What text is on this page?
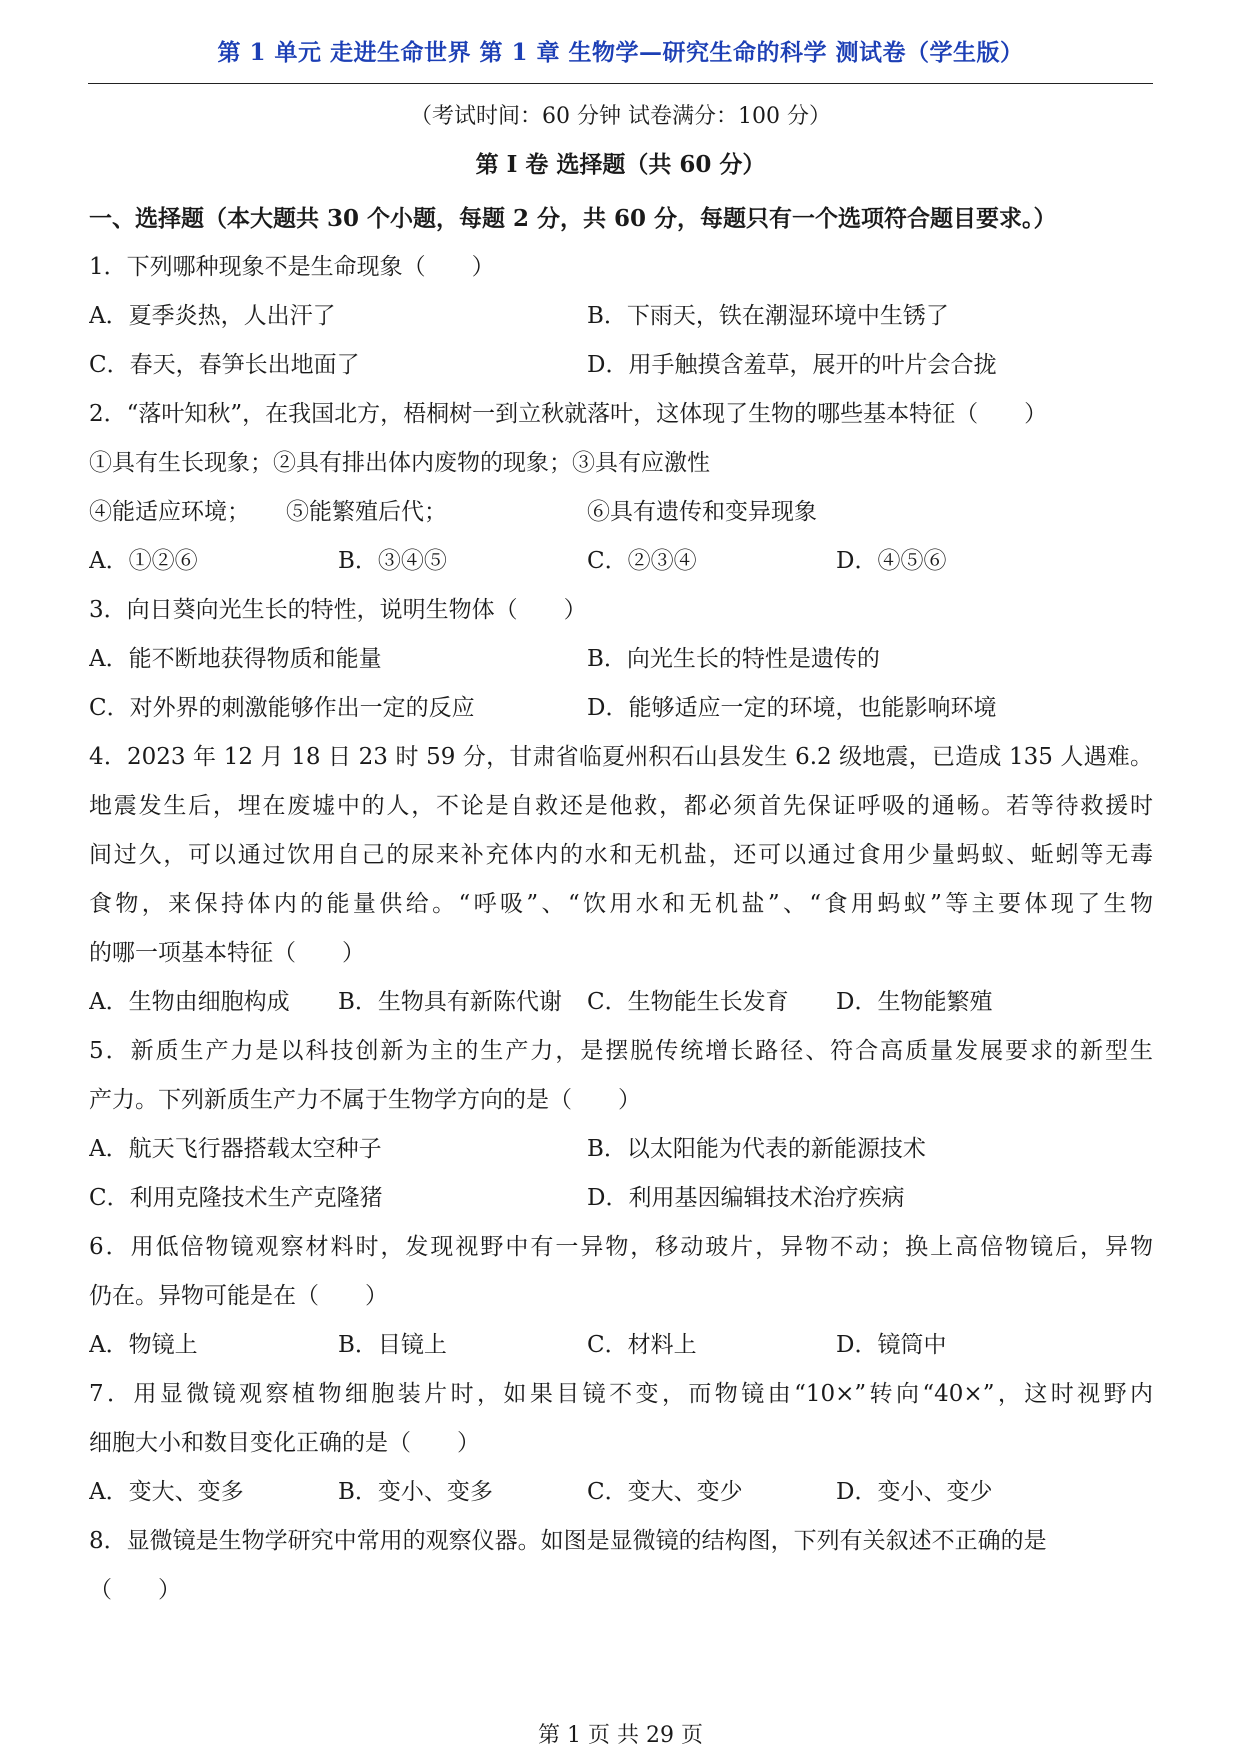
第 1 单元 走进生命世界 第 1 章 生物学—研究生命的科学 测试卷（学生版）
（考试时间：60 分钟 试卷满分：100 分）
第 I 卷 选择题（共 60 分）
一、选择题（本大题共 30 个小题，每题 2 分，共 60 分，每题只有一个选项符合题目要求。）
1．下列哪种现象不是生命现象（　　）
A．夏季炎热，人出汗了	B．下雨天，铁在潮湿环境中生锈了
C．春天，春笋长出地面了	D．用手触摸含羞草，展开的叶片会合拢
2．“落叶知秋”，在我国北方，梧桐树一到立秋就落叶，这体现了生物的哪些基本特征（　　）
①具有生长现象；②具有排出体内废物的现象；③具有应激性
④能适应环境； ⑤能繁殖后代；	⑥具有遗传和变异现象
A．①②⑥	B．③④⑤	C．②③④	D．④⑤⑥
3．向日葵向光生长的特性，说明生物体（　　）
A．能不断地获得物质和能量	B．向光生长的特性是遗传的
C．对外界的刺激能够作出一定的反应	D．能够适应一定的环境，也能影响环境
4．2023 年 12 月 18 日 23 时 59 分，甘肃省临夏州积石山县发生 6.2 级地震，已造成 135 人遇难。
地震发生后，埋在废墟中的人，不论是自救还是他救，都必须首先保证呼吸的通畅。若等待救援时
间过久，可以通过饮用自己的尿来补充体内的水和无机盐，还可以通过食用少量蚂蚁、蚯蚓等无毒
食物，来保持体内的能量供给。“呼吸”、“饮用水和无机盐”、“食用蚂蚁”等主要体现了生物
的哪一项基本特征（　　）
A．生物由细胞构成 B．生物具有新陈代谢 C．生物能生长发育 D．生物能繁殖
5．新质生产力是以科技创新为主的生产力，是摆脱传统增长路径、符合高质量发展要求的新型生
产力。下列新质生产力不属于生物学方向的是（　　）
A．航天飞行器搭载太空种子	B．以太阳能为代表的新能源技术
C．利用克隆技术生产克隆猪	D．利用基因编辑技术治疗疾病
6．用低倍物镜观察材料时，发现视野中有一异物，移动玻片，异物不动；换上高倍物镜后，异物
仍在。异物可能是在（　　）
A．物镜上	B．目镜上	C．材料上	D．镜筒中
7．用显微镜观察植物细胞装片时，如果目镜不变，而物镜由“10×”转向“40×”，这时视野内
细胞大小和数目变化正确的是（　　）
A．变大、变多	B．变小、变多	C．变大、变少	D．变小、变少
8．显微镜是生物学研究中常用的观察仪器。如图是显微镜的结构图，下列有关叙述不正确的是
（　　）
第 1 页 共 29 页
